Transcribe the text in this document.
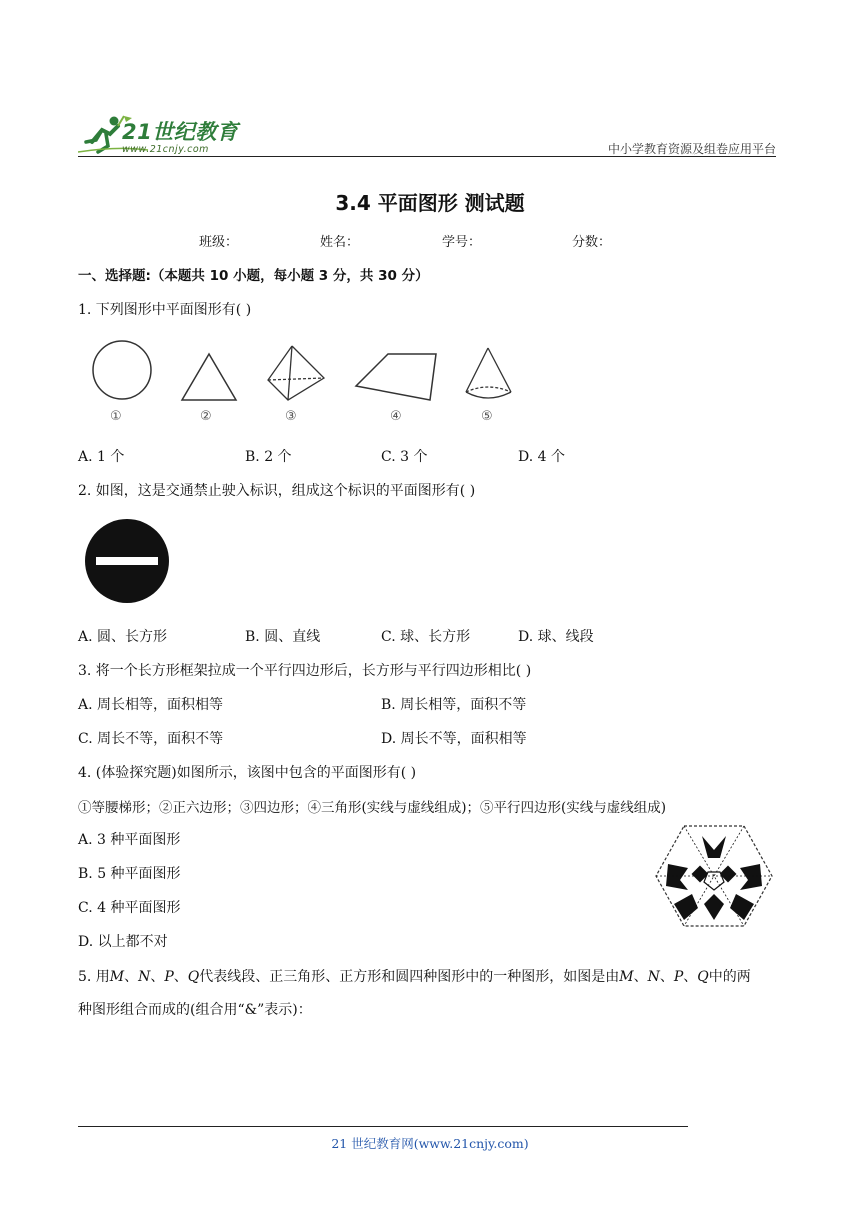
21世纪教育
www.21cnjy.com	中小学教育资源及组卷应用平台
3.4 平面图形 测试题
班级：	姓名：	学号：	分数：
一、选择题:（本题共 10 小题，每小题 3 分，共 30 分）
1. 下列图形中平面图形有( )
①	②	③	④	⑤
A. 1 个	B. 2 个	C. 3 个	D. 4 个
2. 如图，这是交通禁止驶入标识，组成这个标识的平面图形有( )
A. 圆、长方形	B. 圆、直线	C. 球、长方形	D. 球、线段
3. 将一个长方形框架拉成一个平行四边形后，长方形与平行四边形相比( )
A. 周长相等，面积相等	B. 周长相等，面积不等
C. 周长不等，面积不等	D. 周长不等，面积相等
4. (体验探究题)如图所示，该图中包含的平面图形有( )
①等腰梯形；②正六边形；③四边形；④三角形(实线与虚线组成)；⑤平行四边形(实线与虚线组成)
A. 3 种平面图形
B. 5 种平面图形
C. 4 种平面图形
D. 以上都不对
5. 用𝑀、𝑁、𝑃、𝑄代表线段、正三角形、正方形和圆四种图形中的一种图形，如图是由𝑀、𝑁、𝑃、𝑄中的两
种图形组合而成的(组合用“&”表示)：
21 世纪教育网(www.21cnjy.com)
